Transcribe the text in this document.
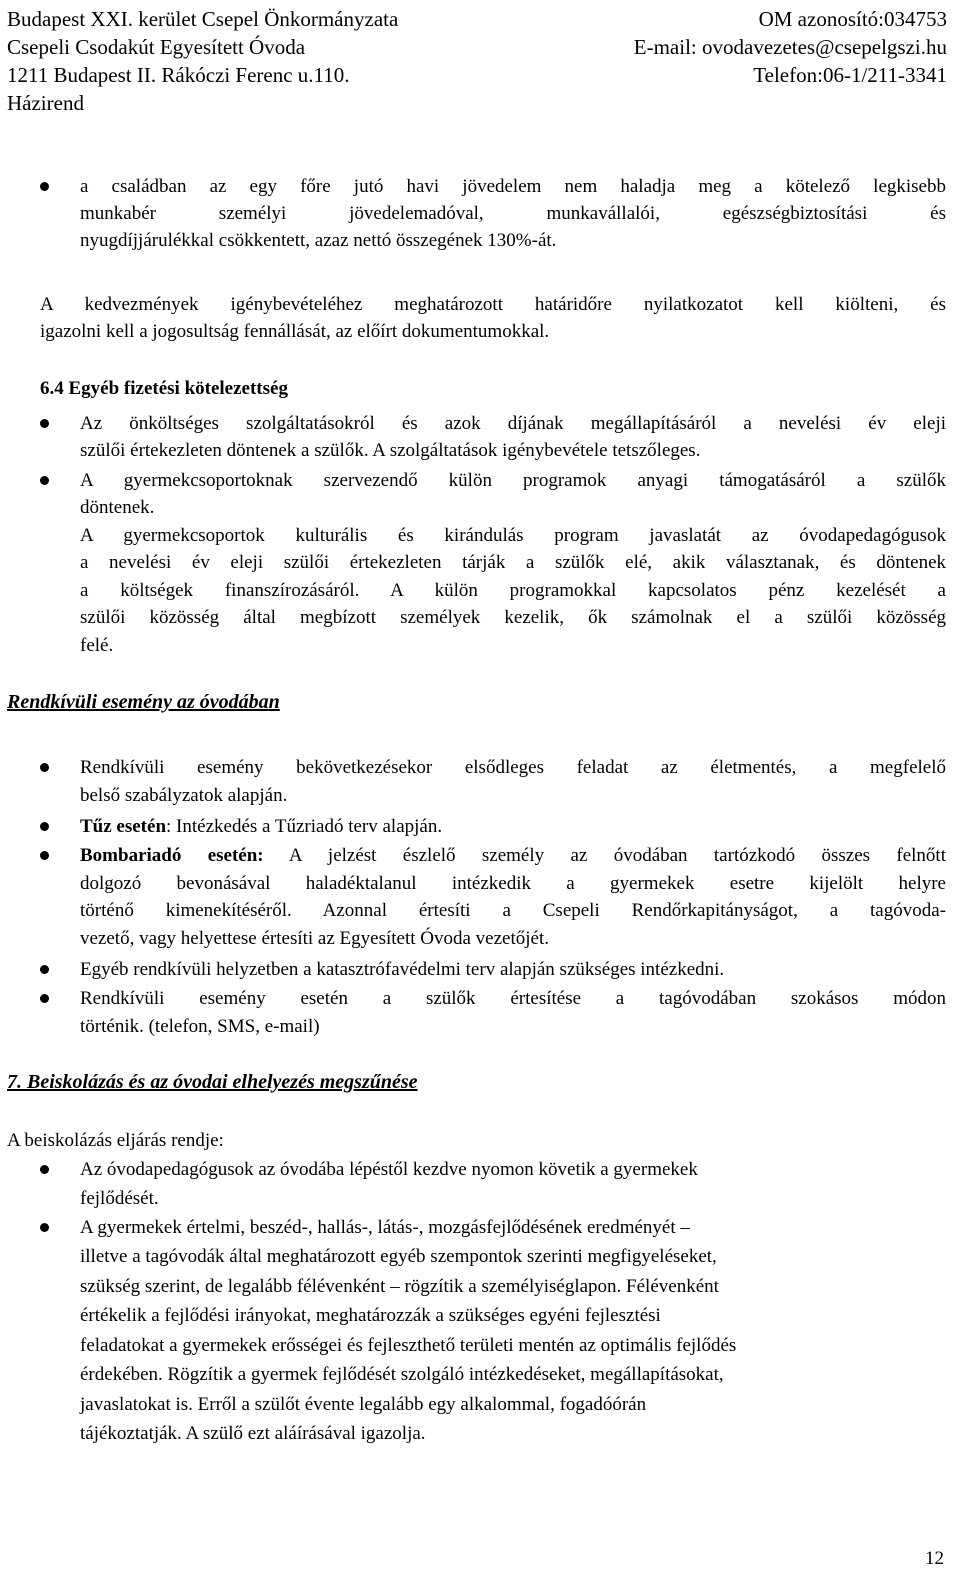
Budapest XXI. kerület Csepel Önkormányzata	OM azonosító:034753
Csepeli Csodakút Egyesített Óvoda	E-mail: ovodavezetes@csepelgszi.hu
1211 Budapest II. Rákóczi Ferenc u.110.	Telefon:06-1/211-3341
Házirend
a családban az egy főre jutó havi jövedelem nem haladja meg a kötelező legkisebb
munkabér személyi jövedelemadóval, munkavállalói, egészségbiztosítási és
nyugdíjjárulékkal csökkentett, azaz nettó összegének 130%-át.
A kedvezmények igénybevételéhez meghatározott határidőre nyilatkozatot kell kiölteni, és
igazolni kell a jogosultság fennállását, az előírt dokumentumokkal.
6.4 Egyéb fizetési kötelezettség
Az önköltséges szolgáltatásokról és azok díjának megállapításáról a nevelési év eleji
szülői értekezleten döntenek a szülők. A szolgáltatások igénybevétele tetszőleges.
A gyermekcsoportoknak szervezendő külön programok anyagi támogatásáról a szülők
döntenek.
A gyermekcsoportok kulturális és kirándulás program javaslatát az óvodapedagógusok
a nevelési év eleji szülői értekezleten tárják a szülők elé, akik választanak, és döntenek
a költségek finanszírozásáról. A külön programokkal kapcsolatos pénz kezelését a
szülői közösség által megbízott személyek kezelik, ők számolnak el a szülői közösség
felé.
Rendkívüli esemény az óvodában
Rendkívüli esemény bekövetkezésekor elsődleges feladat az életmentés, a megfelelő
belső szabályzatok alapján.
Tűz esetén: Intézkedés a Tűzriadó terv alapján.
Bombariadó esetén: A jelzést észlelő személy az óvodában tartózkodó összes felnőtt
dolgozó bevonásával haladéktalanul intézkedik a gyermekek esetre kijelölt helyre
történő kimenekítéséről. Azonnal értesíti a Csepeli Rendőrkapitányságot, a tagóvoda-
vezető, vagy helyettese értesíti az Egyesített Óvoda vezetőjét.
Egyéb rendkívüli helyzetben a katasztrófavédelmi terv alapján szükséges intézkedni.
Rendkívüli esemény esetén a szülők értesítése a tagóvodában szokásos módon
történik. (telefon, SMS, e-mail)
7. Beiskolázás és az óvodai elhelyezés megszűnése
A beiskolázás eljárás rendje:
Az óvodapedagógusok az óvodába lépéstől kezdve nyomon követik a gyermekek
fejlődését.
A gyermekek értelmi, beszéd-, hallás-, látás-, mozgásfejlődésének eredményét –
illetve a tagóvodák által meghatározott egyéb szempontok szerinti megfigyeléseket,
szükség szerint, de legalább félévenként – rögzítik a személyiséglapon. Félévenként
értékelik a fejlődési irányokat, meghatározzák a szükséges egyéni fejlesztési
feladatokat a gyermekek erősségei és fejleszthető területi mentén az optimális fejlődés
érdekében. Rögzítik a gyermek fejlődését szolgáló intézkedéseket, megállapításokat,
javaslatokat is. Erről a szülőt évente legalább egy alkalommal, fogadóórán
tájékoztatják. A szülő ezt aláírásával igazolja.
12
